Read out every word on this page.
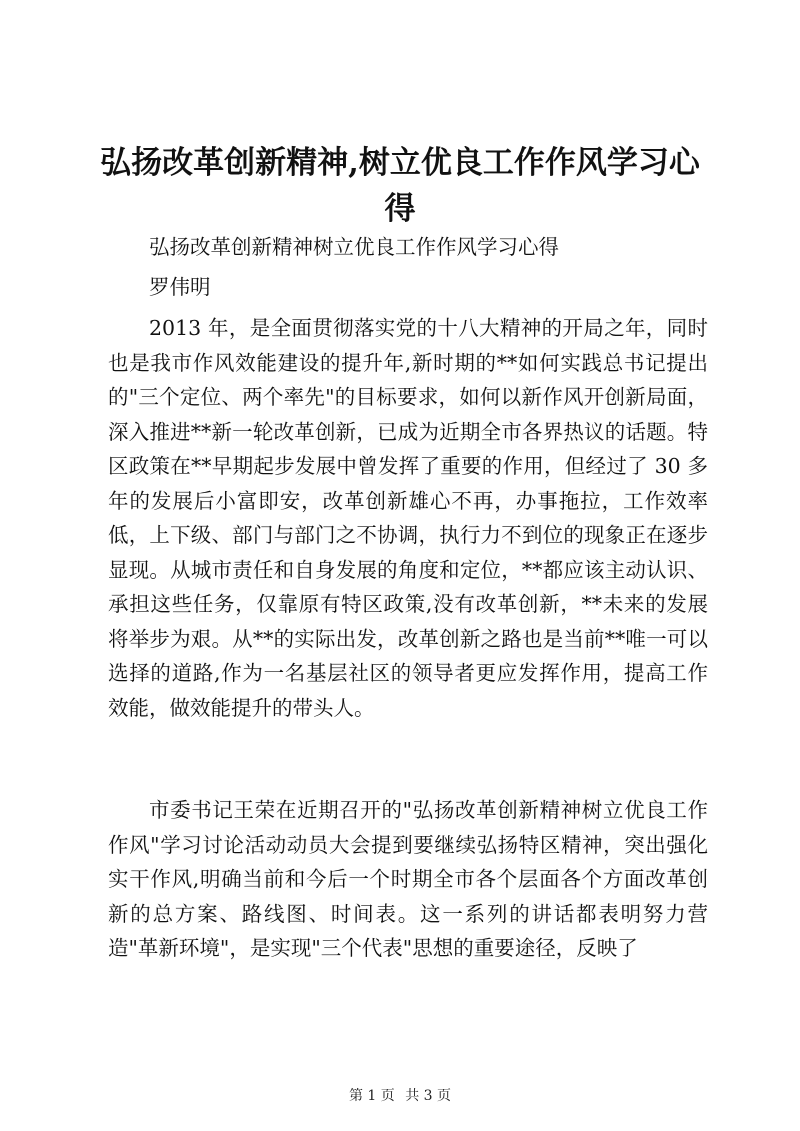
弘扬改革创新精神,树立优良工作作风学习心得

弘扬改革创新精神树立优良工作作风学习心得

罗伟明

2013 年，是全面贯彻落实党的十八大精神的开局之年，同时也是我市作风效能建设的提升年,新时期的**如何实践总书记提出的"三个定位、两个率先"的目标要求，如何以新作风开创新局面，深入推进**新一轮改革创新，已成为近期全市各界热议的话题。特区政策在**早期起步发展中曾发挥了重要的作用，但经过了 30 多年的发展后小富即安，改革创新雄心不再，办事拖拉，工作效率低，上下级、部门与部门之不协调，执行力不到位的现象正在逐步显现。从城市责任和自身发展的角度和定位，**都应该主动认识、承担这些任务，仅靠原有特区政策,没有改革创新，**未来的发展将举步为艰。从**的实际出发，改革创新之路也是当前**唯一可以选择的道路,作为一名基层社区的领导者更应发挥作用，提高工作效能，做效能提升的带头人。

市委书记王荣在近期召开的"弘扬改革创新精神树立优良工作作风"学习讨论活动动员大会提到要继续弘扬特区精神，突出强化实干作风,明确当前和今后一个时期全市各个层面各个方面改革创新的总方案、路线图、时间表。这一系列的讲话都表明努力营造"革新环境"，是实现"三个代表"思想的重要途径，反映了

第 1 页 共 3 页
